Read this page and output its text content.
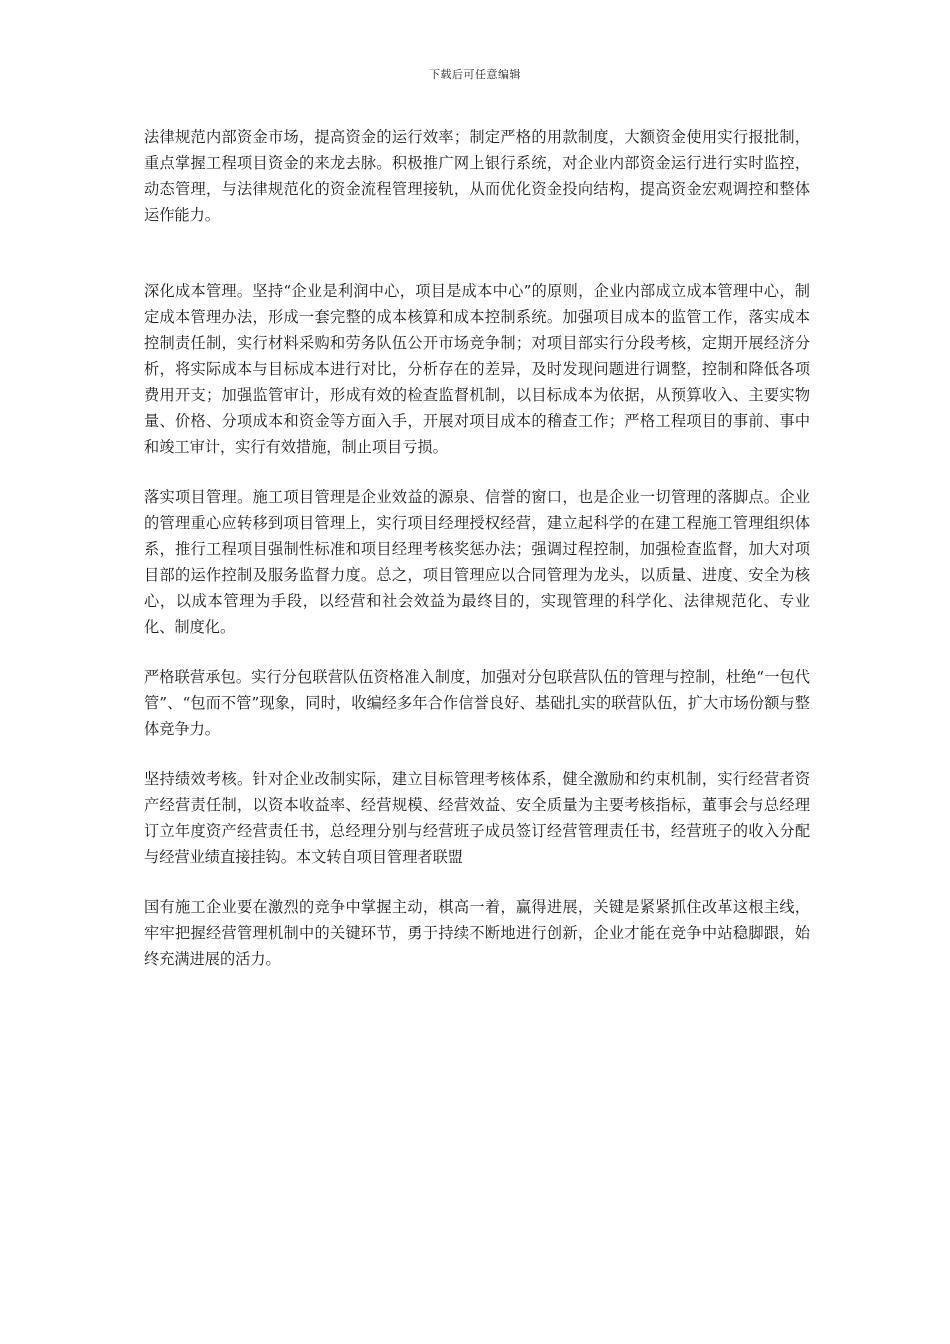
下载后可任意编辑

法律规范内部资金市场，提高资金的运行效率；制定严格的用款制度，大额资金使用实行报批制，重点掌握工程项目资金的来龙去脉。积极推广网上银行系统，对企业内部资金运行进行实时监控，动态管理，与法律规范化的资金流程管理接轨，从而优化资金投向结构，提高资金宏观调控和整体运作能力。

深化成本管理。坚持“企业是利润中心，项目是成本中心”的原则，企业内部成立成本管理中心，制定成本管理办法，形成一套完整的成本核算和成本控制系统。加强项目成本的监管工作，落实成本控制责任制，实行材料采购和劳务队伍公开市场竞争制；对项目部实行分段考核，定期开展经济分析，将实际成本与目标成本进行对比，分析存在的差异，及时发现问题进行调整，控制和降低各项费用开支；加强监管审计，形成有效的检查监督机制，以目标成本为依据，从预算收入、主要实物量、价格、分项成本和资金等方面入手，开展对项目成本的稽查工作；严格工程项目的事前、事中和竣工审计，实行有效措施，制止项目亏损。

落实项目管理。施工项目管理是企业效益的源泉、信誉的窗口，也是企业一切管理的落脚点。企业的管理重心应转移到项目管理上，实行项目经理授权经营，建立起科学的在建工程施工管理组织体系，推行工程项目强制性标准和项目经理考核奖惩办法；强调过程控制，加强检查监督，加大对项目部的运作控制及服务监督力度。总之，项目管理应以合同管理为龙头，以质量、进度、安全为核心，以成本管理为手段，以经营和社会效益为最终目的，实现管理的科学化、法律规范化、专业化、制度化。

严格联营承包。实行分包联营队伍资格准入制度，加强对分包联营队伍的管理与控制，杜绝“一包代管”、“包而不管”现象，同时，收编经多年合作信誉良好、基础扎实的联营队伍，扩大市场份额与整体竞争力。

坚持绩效考核。针对企业改制实际，建立目标管理考核体系，健全激励和约束机制，实行经营者资产经营责任制，以资本收益率、经营规模、经营效益、安全质量为主要考核指标，董事会与总经理订立年度资产经营责任书，总经理分别与经营班子成员签订经营管理责任书，经营班子的收入分配与经营业绩直接挂钩。本文转自项目管理者联盟

国有施工企业要在激烈的竞争中掌握主动，棋高一着，赢得进展，关键是紧紧抓住改革这根主线，牢牢把握经营管理机制中的关键环节，勇于持续不断地进行创新，企业才能在竞争中站稳脚跟，始终充满进展的活力。
